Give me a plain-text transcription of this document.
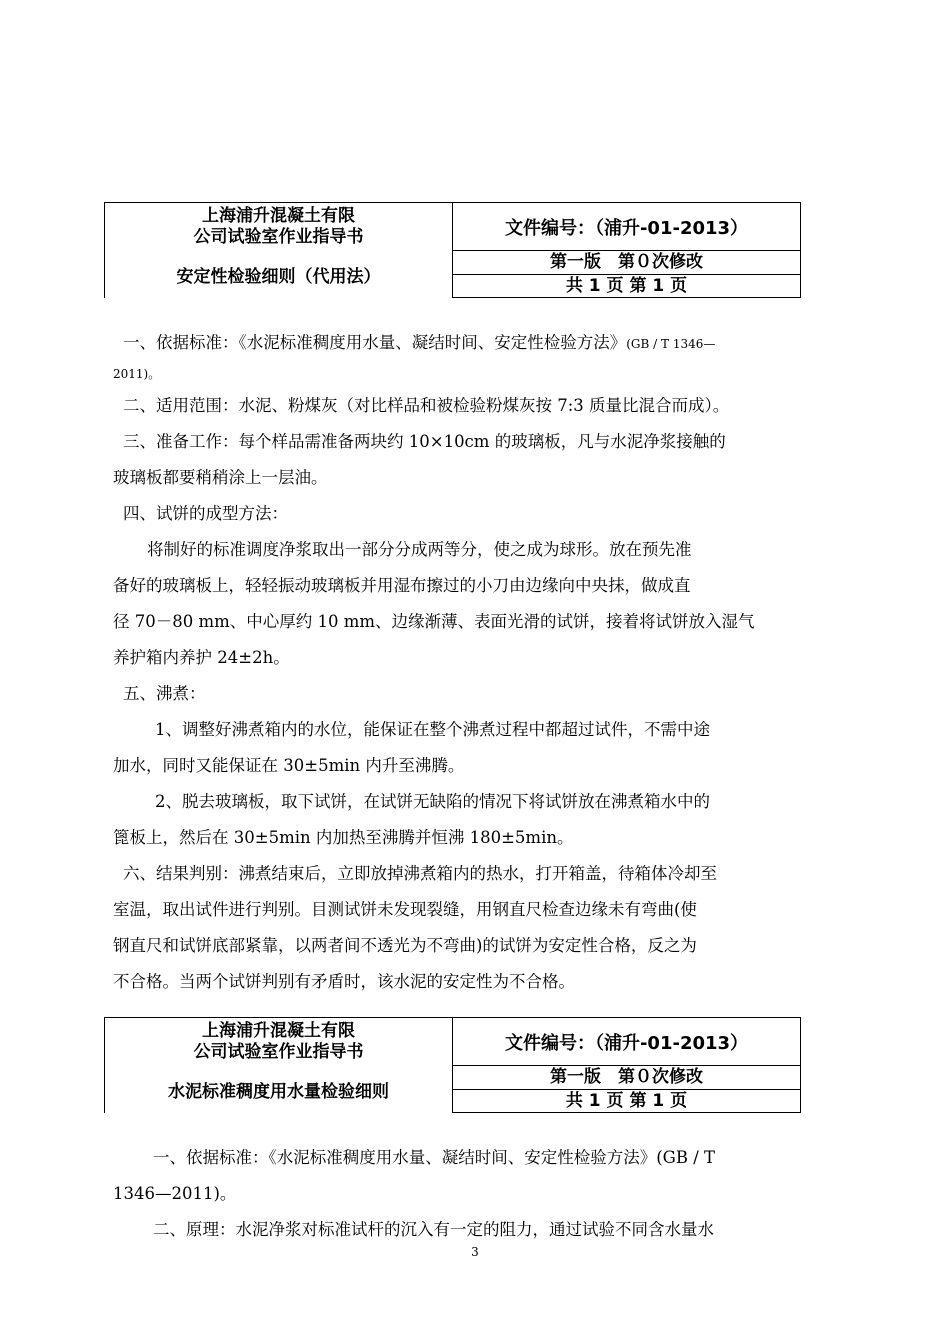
上海浦升混凝土有限
公司试验室作业指导书	文件编号：（浦升-01-2013）
安定性检验细则（代用法）	第一版　第０次修改
	共 1 页 第 1 页
一、依据标准：《水泥标准稠度用水量、凝结时间、安定性检验方法》(GB / T 1346—
2011)。
二、适用范围：水泥、粉煤灰（对比样品和被检验粉煤灰按 7:3 质量比混合而成）。
三、准备工作：每个样品需准备两块约 10×10cm 的玻璃板，凡与水泥净浆接触的
玻璃板都要稍稍涂上一层油。
四、试饼的成型方法：
将制好的标准调度净浆取出一部分分成两等分，使之成为球形。放在预先准
备好的玻璃板上，轻轻振动玻璃板并用湿布擦过的小刀由边缘向中央抹，做成直
径 70－80 mm、中心厚约 10 mm、边缘渐薄、表面光滑的试饼，接着将试饼放入湿气
养护箱内养护 24±2h。
五、沸煮：
1、调整好沸煮箱内的水位，能保证在整个沸煮过程中都超过试件，不需中途
加水，同时又能保证在 30±5min 内升至沸腾。
2、脱去玻璃板，取下试饼，在试饼无缺陷的情况下将试饼放在沸煮箱水中的
篦板上，然后在 30±5min 内加热至沸腾并恒沸 180±5min。
六、结果判别：沸煮结束后，立即放掉沸煮箱内的热水，打开箱盖，待箱体冷却至
室温，取出试件进行判别。目测试饼未发现裂缝，用钢直尺检查边缘未有弯曲(使
钢直尺和试饼底部紧靠，以两者间不透光为不弯曲)的试饼为安定性合格，反之为
不合格。当两个试饼判别有矛盾时，该水泥的安定性为不合格。
上海浦升混凝土有限
公司试验室作业指导书	文件编号：（浦升-01-2013）
水泥标准稠度用水量检验细则	第一版　第０次修改
	共 1 页 第 1 页
一、依据标准：《水泥标准稠度用水量、凝结时间、安定性检验方法》(GB / T
1346—2011)。
二、原理：水泥净浆对标准试杆的沉入有一定的阻力，通过试验不同含水量水
3
